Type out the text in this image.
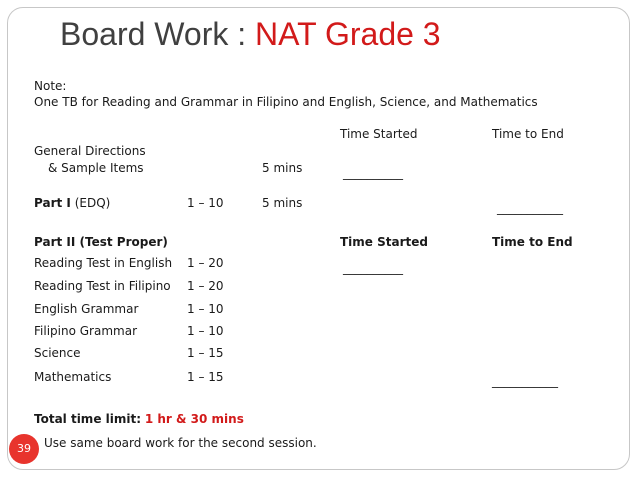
Board Work : NAT Grade 3
Note:
One TB for Reading and Grammar in Filipino and English, Science, and Mathematics
Time Started	Time to End
General Directions
& Sample Items	5 mins	__________
Part I (EDQ)	1 – 10	5 mins	___________
Part II (Test Proper)	Time Started	Time to End
Reading Test in English 1 – 20	__________
Reading Test in Filipino 1 – 20
English Grammar	1 – 10
Filipino Grammar	1 – 10
Science	1 – 15
Mathematics	1 – 15	___________
Total time limit: 1 hr & 30 mins
Use same board work for the second session.
39
